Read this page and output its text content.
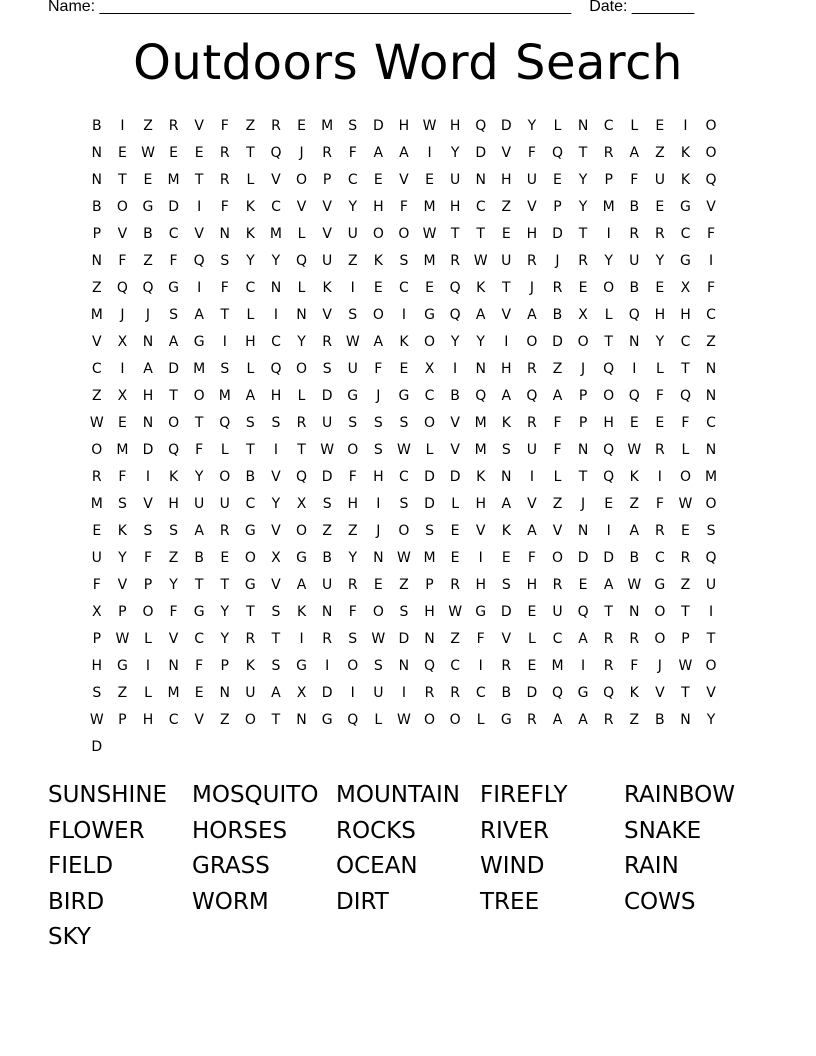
Name: _____________________________________________________ Date: _______
Outdoors Word Search
B	I	Z	R	V	F	Z	R	E	M	S	D	H W H	Q	D	Y	L	N	C	L	E	I	O
N	E	W	E	E	R	T	Q	J	R	F	A	A	I	Y	D	V	F	Q	T	R	A	Z	K	O
N	T	E	M	T	R	L	V	O	P	C	E	V	E	U	N	H	U	E	Y	P	F	U	K	Q
B	O	G	D	I	F	K	C	V	V	Y	H	F	M	H	C	Z	V	P	Y	M	B	E	G	V
P	V	B	C	V	N	K	M	L	V	U	O	O W	T	T	E	H	D	T	I	R	R	C	F
N	F	Z	F	Q	S	Y	Y	Q	U	Z	K	S	M	R W U	R	J	R	Y	U	Y	G	I
Z	Q	Q	G	I	F	C	N	L	K	I	E	C	E	Q	K	T	J	R	E	O	B	E	X	F
M	J	J	S	A	T	L	I	N	V	S	O	I	G	Q	A	V	A	B	X	L	Q	H	H	C
V	X	N	A	G	I	H	C	Y	R W A	K	O	Y	Y	I	O	D	O	T	N	Y	C	Z
C	I	A	D	M	S	L	Q	O	S	U	F	E	X	I	N	H	R	Z	J	Q	I	L	T	N
Z	X	H	T	O	M	A	H	L	D	G	J	G	C	B	Q	A	Q	A	P	O	Q	F	Q	N
W	E	N	O	T	Q	S	S	R	U	S	S	S	O	V	M	K	R	F	P	H	E	E	F	C
O	M	D	Q	F	L	T	I	T	W O	S	W	L	V	M	S	U	F	N	Q W R	L	N
R	F	I	K	Y	O	B	V	Q	D	F	H	C	D	D	K	N	I	L	T	Q	K	I	O	M
M	S	V	H	U	U	C	Y	X	S	H	I	S	D	L	H	A	V	Z	J	E	Z	F	W O
E	K	S	S	A	R	G	V	O	Z	Z	J	O	S	E	V	K	A	V	N	I	A	R	E	S
U	Y	F	Z	B	E	O	X	G	B	Y	N W M	E	I	E	F	O	D	D	B	C	R	Q
F	V	P	Y	T	T	G	V	A	U	R	E	Z	P	R	H	S	H	R	E	A W G	Z	U
X	P	O	F	G	Y	T	S	K	N	F	O	S	H W G	D	E	U	Q	T	N	O	T	I
P	W	L	V	C	Y	R	T	I	R	S	W D	N	Z	F	V	L	C	A	R	R	O	P	T
H	G	I	N	F	P	K	S	G	I	O	S	N	Q	C	I	R	E	M	I	R	F	J	W O
S	Z	L	M	E	N	U	A	X	D	I	U	I	R	R	C	B	D	Q	G	Q	K	V	T	V
W	P	H	C	V	Z	O	T	N	G	Q	L	W O	O	L	G	R	A	A	R	Z	B	N	Y
D
SUNSHINE	MOSQUITO MOUNTAIN FIREFLY	RAINBOW
FLOWER	HORSES	ROCKS	RIVER	SNAKE
FIELD	GRASS	OCEAN	WIND	RAIN
BIRD	WORM	DIRT	TREE	COWS
SKY
